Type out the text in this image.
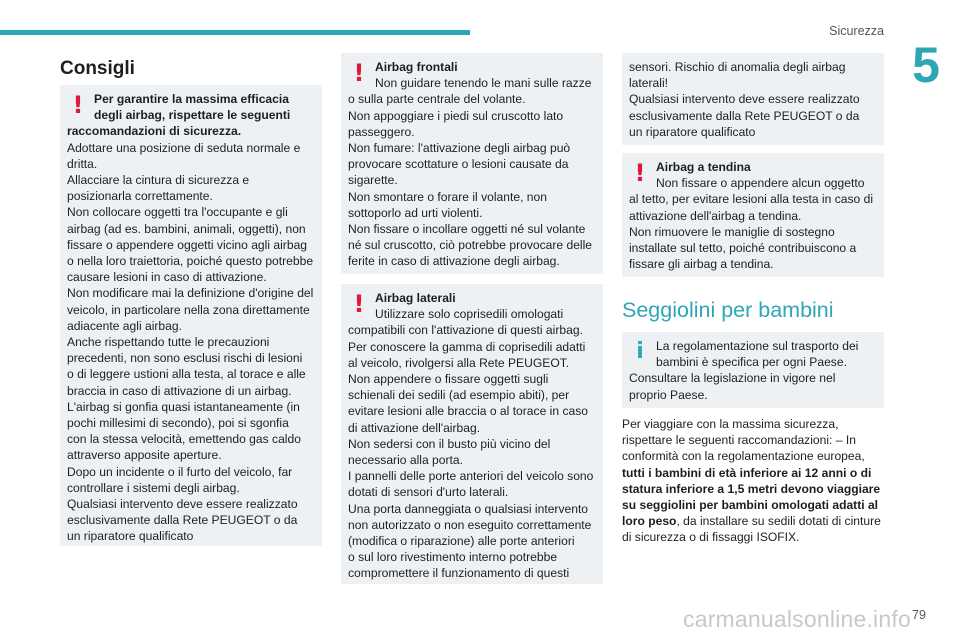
Sicurezza
5
Consigli
! Per garantire la massima efficacia
degli airbag, rispettare le seguenti
raccomandazioni di sicurezza.
Adottare una posizione di seduta normale e
dritta.
Allacciare la cintura di sicurezza e
posizionarla correttamente.
Non collocare oggetti tra l'occupante e gli
airbag (ad es. bambini, animali, oggetti), non
fissare o appendere oggetti vicino agli airbag
o nella loro traiettoria, poiché questo potrebbe
causare lesioni in caso di attivazione.
Non modificare mai la definizione d'origine del
veicolo, in particolare nella zona direttamente
adiacente agli airbag.
Anche rispettando tutte le precauzioni
precedenti, non sono esclusi rischi di lesioni
o di leggere ustioni alla testa, al torace e alle
braccia in caso di attivazione di un airbag.
L'airbag si gonfia quasi istantaneamente (in
pochi millesimi di secondo), poi si sgonfia
con la stessa velocità, emettendo gas caldo
attraverso apposite aperture.
Dopo un incidente o il furto del veicolo, far
controllare i sistemi degli airbag.
Qualsiasi intervento deve essere realizzato
esclusivamente dalla Rete PEUGEOT o da
un riparatore qualificato
! Airbag frontali
Non guidare tenendo le mani sulle razze
o sulla parte centrale del volante.
Non appoggiare i piedi sul cruscotto lato
passeggero.
Non fumare: l'attivazione degli airbag può
provocare scottature o lesioni causate da
sigarette.
Non smontare o forare il volante, non
sottoporlo ad urti violenti.
Non fissare o incollare oggetti né sul volante
né sul cruscotto, ciò potrebbe provocare delle
ferite in caso di attivazione degli airbag.
! Airbag laterali
Utilizzare solo coprisedili omologati
compatibili con l'attivazione di questi airbag.
Per conoscere la gamma di coprisedili adatti
al veicolo, rivolgersi alla Rete PEUGEOT.
Non appendere o fissare oggetti sugli
schienali dei sedili (ad esempio abiti), per
evitare lesioni alle braccia o al torace in caso
di attivazione dell'airbag.
Non sedersi con il busto più vicino del
necessario alla porta.
I pannelli delle porte anteriori del veicolo sono
dotati di sensori d'urto laterali.
Una porta danneggiata o qualsiasi intervento
non autorizzato o non eseguito correttamente
(modifica o riparazione) alle porte anteriori
o sul loro rivestimento interno potrebbe
compromettere il funzionamento di questi
sensori. Rischio di anomalia degli airbag
laterali!
Qualsiasi intervento deve essere realizzato
esclusivamente dalla Rete PEUGEOT o da
un riparatore qualificato
! Airbag a tendina
Non fissare o appendere alcun oggetto
al tetto, per evitare lesioni alla testa in caso di
attivazione dell'airbag a tendina.
Non rimuovere le maniglie di sostegno
installate sul tetto, poiché contribuiscono a
fissare gli airbag a tendina.
Seggiolini per bambini
i	La regolamentazione sul trasporto dei
bambini è specifica per ogni Paese.
Consultare la legislazione in vigore nel
proprio Paese.
Per viaggiare con la massima sicurezza, rispettare le seguenti raccomandazioni: – In conformità con la regolamentazione europea, tutti i bambini di età inferiore ai 12 anni o di statura inferiore a 1,5 metri devono viaggiare su seggiolini per bambini omologati adatti al loro peso, da installare su sedili dotati di cinture di sicurezza o di fissaggi ISOFIX.
carmanualsonline.info 79
